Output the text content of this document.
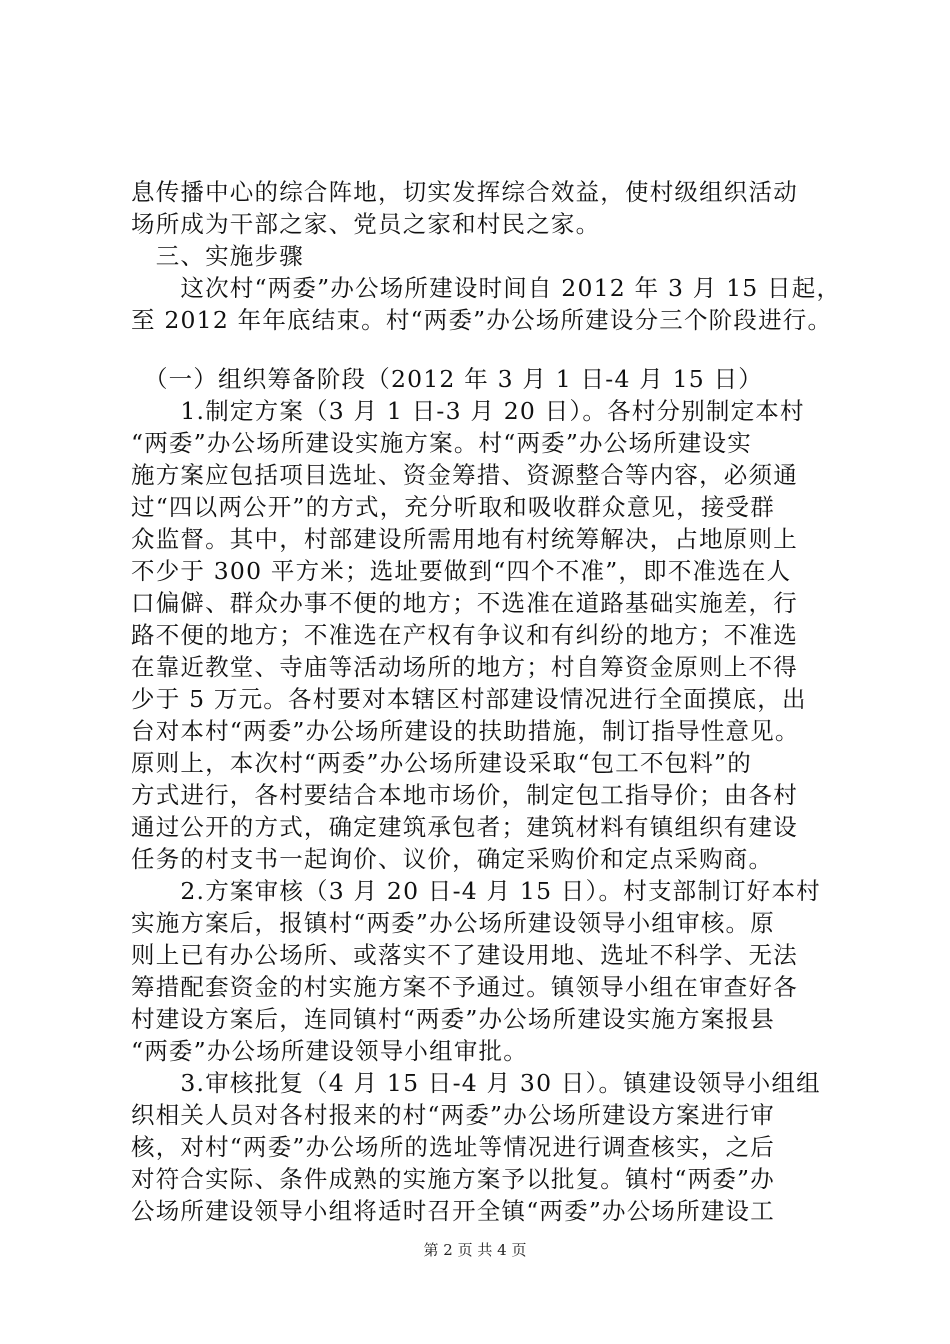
息传播中心的综合阵地，切实发挥综合效益，使村级组织活动
场所成为干部之家、党员之家和村民之家。
　三、实施步骤
　　这次村“两委”办公场所建设时间自 2012 年 3 月 15 日起，
至 2012 年年底结束。村“两委”办公场所建设分三个阶段进行。
　（一）组织筹备阶段（2012 年 3 月 1 日-4 月 15 日）
　　1.制定方案（3 月 1 日-3 月 20 日）。各村分别制定本村
“两委”办公场所建设实施方案。村“两委”办公场所建设实
施方案应包括项目选址、资金筹措、资源整合等内容，必须通
过“四以两公开”的方式，充分听取和吸收群众意见，接受群
众监督。其中，村部建设所需用地有村统筹解决，占地原则上
不少于 300 平方米；选址要做到“四个不准”，即不准选在人
口偏僻、群众办事不便的地方；不选准在道路基础实施差，行
路不便的地方；不准选在产权有争议和有纠纷的地方；不准选
在靠近教堂、寺庙等活动场所的地方；村自筹资金原则上不得
少于 5 万元。各村要对本辖区村部建设情况进行全面摸底，出
台对本村“两委”办公场所建设的扶助措施，制订指导性意见。
原则上，本次村“两委”办公场所建设采取“包工不包料”的
方式进行，各村要结合本地市场价，制定包工指导价；由各村
通过公开的方式，确定建筑承包者；建筑材料有镇组织有建设
任务的村支书一起询价、议价，确定采购价和定点采购商。
　　2.方案审核（3 月 20 日-4 月 15 日）。村支部制订好本村
实施方案后，报镇村“两委”办公场所建设领导小组审核。原
则上已有办公场所、或落实不了建设用地、选址不科学、无法
筹措配套资金的村实施方案不予通过。镇领导小组在审查好各
村建设方案后，连同镇村“两委”办公场所建设实施方案报县
“两委”办公场所建设领导小组审批。
　　3.审核批复（4 月 15 日-4 月 30 日）。镇建设领导小组组
织相关人员对各村报来的村“两委”办公场所建设方案进行审
核，对村“两委”办公场所的选址等情况进行调查核实，之后
对符合实际、条件成熟的实施方案予以批复。镇村“两委”办
公场所建设领导小组将适时召开全镇“两委”办公场所建设工
第 2 页 共 4 页
